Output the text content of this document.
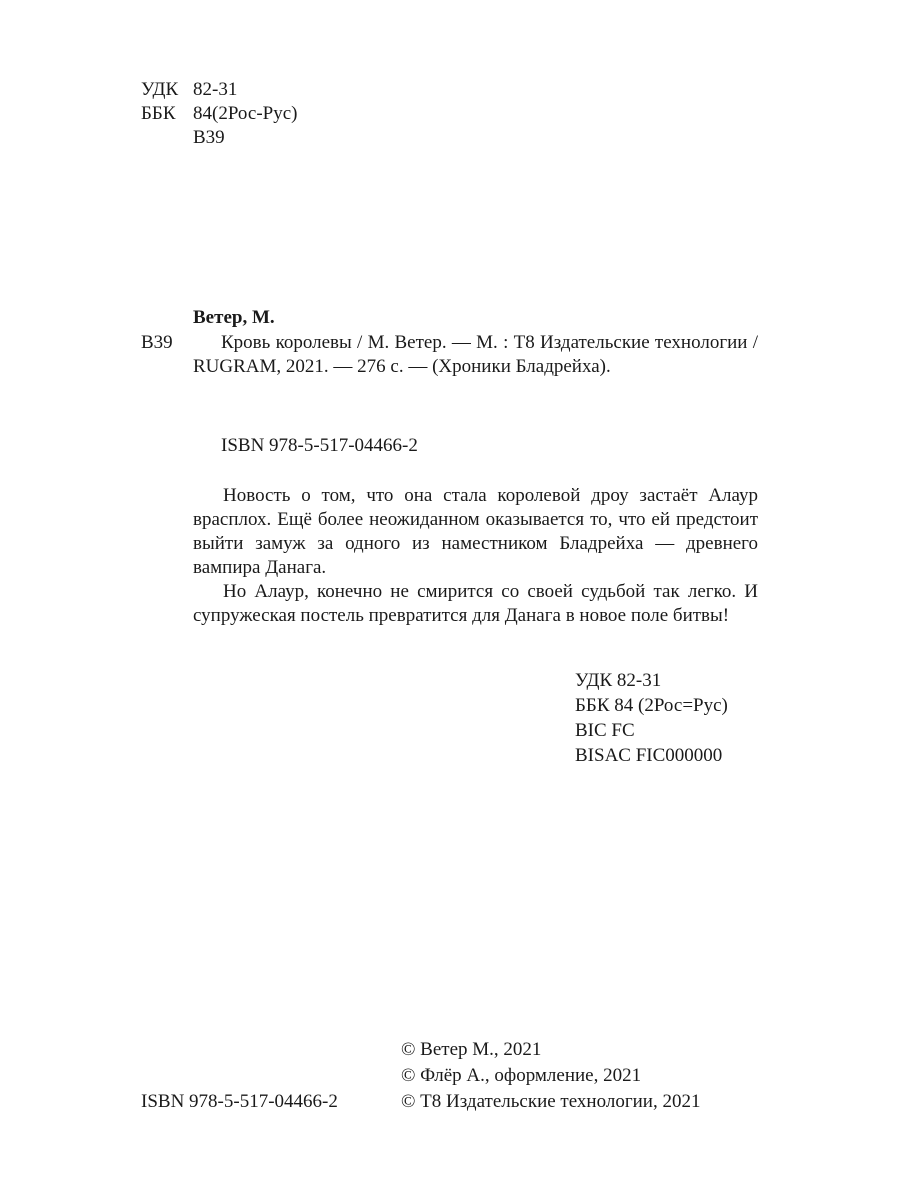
УДК 82-31
ББК 84(2Рос-Рус)
В39
Ветер, М.
В39	Кровь королевы / М. Ветер. — М. : Т8 Издательские технологии / RUGRAM, 2021. — 276 с. — (Хроники Бладрейха).
ISBN 978-5-517-04466-2

Новость о том, что она стала королевой дроу застаёт Алаур врасплох. Ещё более неожиданном оказывается то, что ей предстоит выйти замуж за одного из наместником Бладрейха — древнего вампира Данага.

Но Алаур, конечно не смирится со своей судьбой так легко. И супружеская постель превратится для Данага в новое поле битвы!

УДК 82-31
ББК 84 (2Рос=Рус)
BIC FC
BISAC FIC000000
© Ветер М., 2021
© Флёр А., оформление, 2021
© Т8 Издательские технологии, 2021
ISBN 978-5-517-04466-2
